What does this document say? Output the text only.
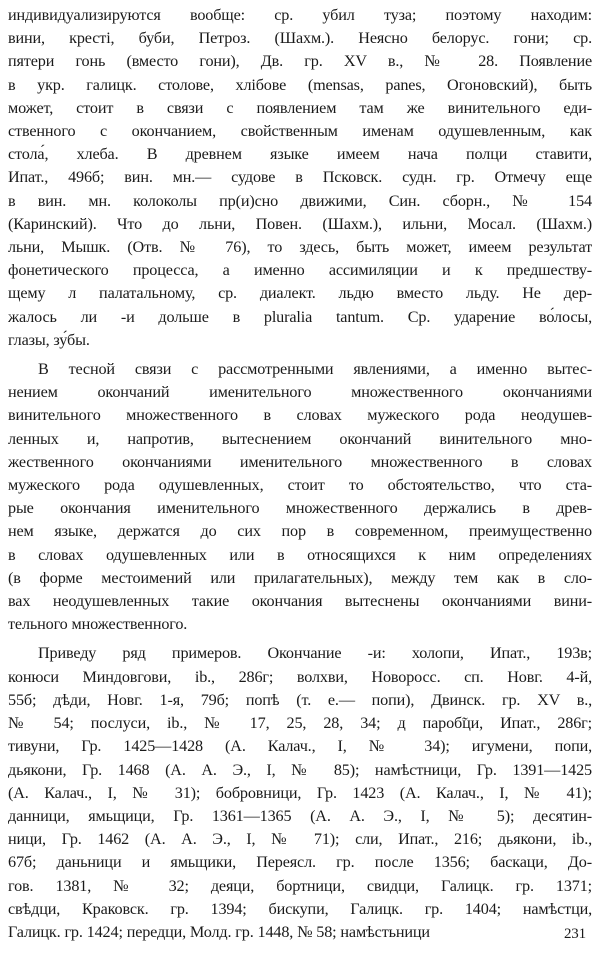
индивидуализируются вообще: ср. убил туза; поэтому находим:
вини, кресті, буби, Петроз. (Шахм.). Неясно белорус. гони; ср.
пятери гонь (вместо гони), Дв. гр. XV в., № 28. Появление
в укр. галицк. столове, хлібове (mensas, panes, Огоновский), быть
может, стоит в связи с появлением там же винительного еди-
ственного с окончанием, свойственным именам одушевленным, как
стола́, хлеба. В древнем языке имеем нача полци ставити,
Ипат., 496б; вин. мн.— судове в Псковск. судн. гр. Отмечу еще
в вин. мн. колоколы пр(и)сно движими, Син. сборн., № 154
(Каринский). Что до льни, Повен. (Шахм.), ильни, Мосал. (Шахм.)
льни, Мышк. (Отв. № 76), то здесь, быть может, имеем результат
фонетического процесса, а именно ассимиляции и к предшеству-
щему л палатальному, ср. диалект. льдю вместо льду. Не дер-
жалось ли -и дольше в pluralia tantum. Ср. ударение во́лосы,
глазы, зу́бы.

В тесной связи с рассмотренными явлениями, а именно вытес-
нением окончаний именительного множественного окончаниями
винительного множественного в словах мужеского рода неодушев-
ленных и, напротив, вытеснением окончаний винительного мно-
жественного окончаниями именительного множественного в словах
мужеского рода одушевленных, стоит то обстоятельство, что ста-
рые окончания именительного множественного держались в древ-
нем языке, держатся до сих пор в современном, преимущественно
в словах одушевленных или в относящихся к ним определениях
(в форме местоимений или прилагательных), между тем как в сло-
вах неодушевленных такие окончания вытеснены окончаниями вини-
тельного множественного.

Приведу ряд примеров. Окончание -и: холопи, Ипат., 193в;
конюси Миндовгови, ib., 286г; волхви, Новоросс. сп. Новг. 4-й,
55б; дѣди, Новг. 1-я, 79б; попѣ (т. е.— попи), Двинск. гр. XV в.,
№ 54; послуси, ib., № 17, 25, 28, 34; д пароб̃ци, Ипат., 286г;
тивуни, Гр. 1425—1428 (А. Калач., I, № 34); игумени, попи,
дьякони, Гр. 1468 (А. А. Э., I, № 85); намѣстници, Гр. 1391—1425
(А. Калач., I, № 31); бобровници, Гр. 1423 (А. Калач., I, № 41);
данници, ямьщици, Гр. 1361—1365 (А. А. Э., I, № 5); десятин-
ници, Гр. 1462 (А. А. Э., I, № 71); сли, Ипат., 216; дьякони, ib.,
67б; даньници и ямьщики, Переясл. гр. после 1356; баскаци, До-
гов. 1381, № 32; деяци, бортници, свидци, Галицк. гр. 1371;
свѣдци, Краковск. гр. 1394; бискупи, Галицк. гр. 1404; намѣстци,
Галицк. гр. 1424; передци, Молд. гр. 1448, № 58; намѣстьници	231
